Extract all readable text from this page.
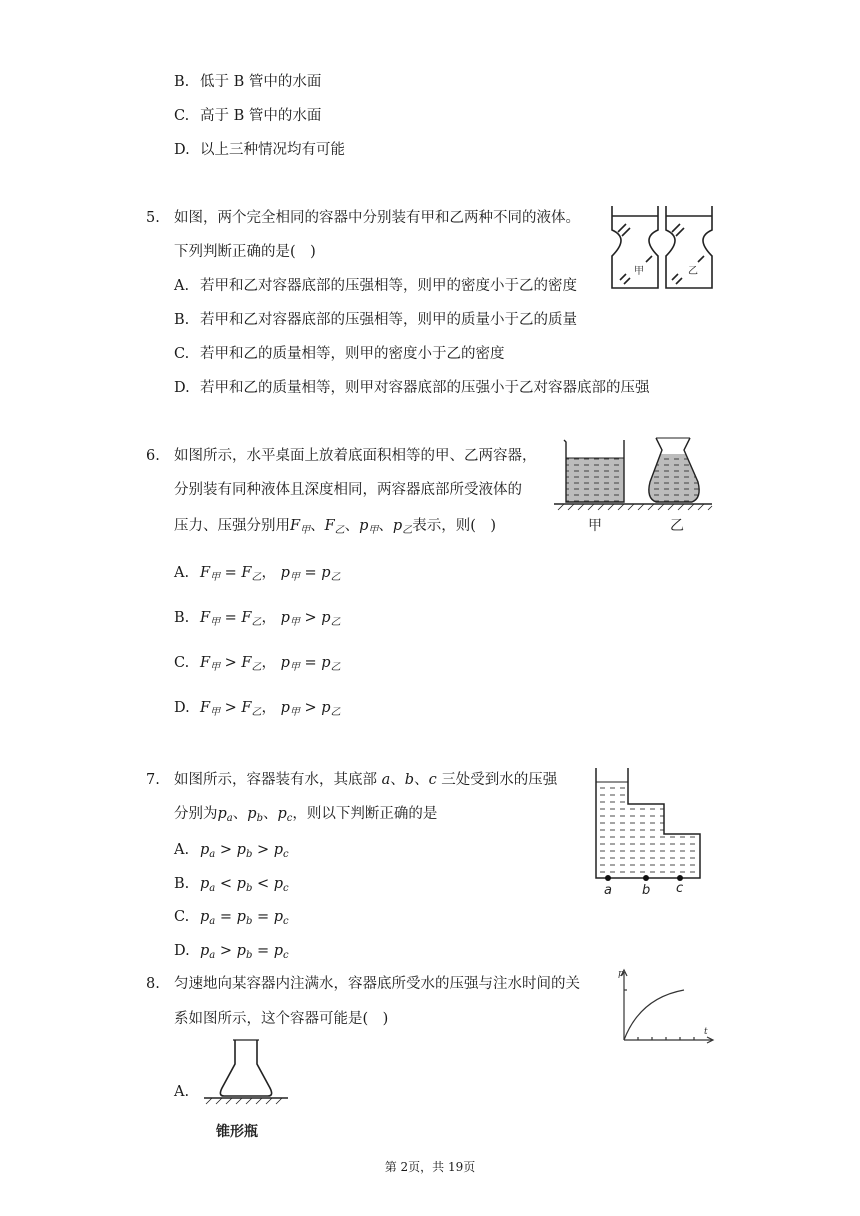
B. 低于 B 管中的水面
C. 高于 B 管中的水面
D. 以上三种情况均有可能
5. 如图，两个完全相同的容器中分别装有甲和乙两种不同的液体。
下列判断正确的是(　)
甲	乙
A. 若甲和乙对容器底部的压强相等，则甲的密度小于乙的密度
B. 若甲和乙对容器底部的压强相等，则甲的质量小于乙的质量
C. 若甲和乙的质量相等，则甲的密度小于乙的密度
D. 若甲和乙的质量相等，则甲对容器底部的压强小于乙对容器底部的压强
6. 如图所示，水平桌面上放着底面积相等的甲、乙两容器，
分别装有同种液体且深度相同，两容器底部所受液体的
压力、压强分别用$F_甲$、$F_乙$、$p_甲$、$p_乙$表示，则(　)	甲	乙
A. $F_甲 = F_乙$， $p_甲 = p_乙$
B. $F_甲 = F_乙$， $p_甲 > p_乙$
C. $F_甲 > F_乙$， $p_甲 = p_乙$
D. $F_甲 > F_乙$， $p_甲 > p_乙$
7. 如图所示，容器装有水，其底部 a、b、c 三处受到水的压强
分别为$p_a$、$p_b$、$p_c$，则以下判断正确的是
a b c
A. $p_a > p_b > p_c$
B. $p_a < p_b < p_c$
C. $p_a = p_b = p_c$
D. $p_a > p_b = p_c$
8. 匀速地向某容器内注满水，容器底所受水的压强与注水时间的关
系如图所示，这个容器可能是(　)
p
t
A.
锥形瓶
第 2页，共 19页
